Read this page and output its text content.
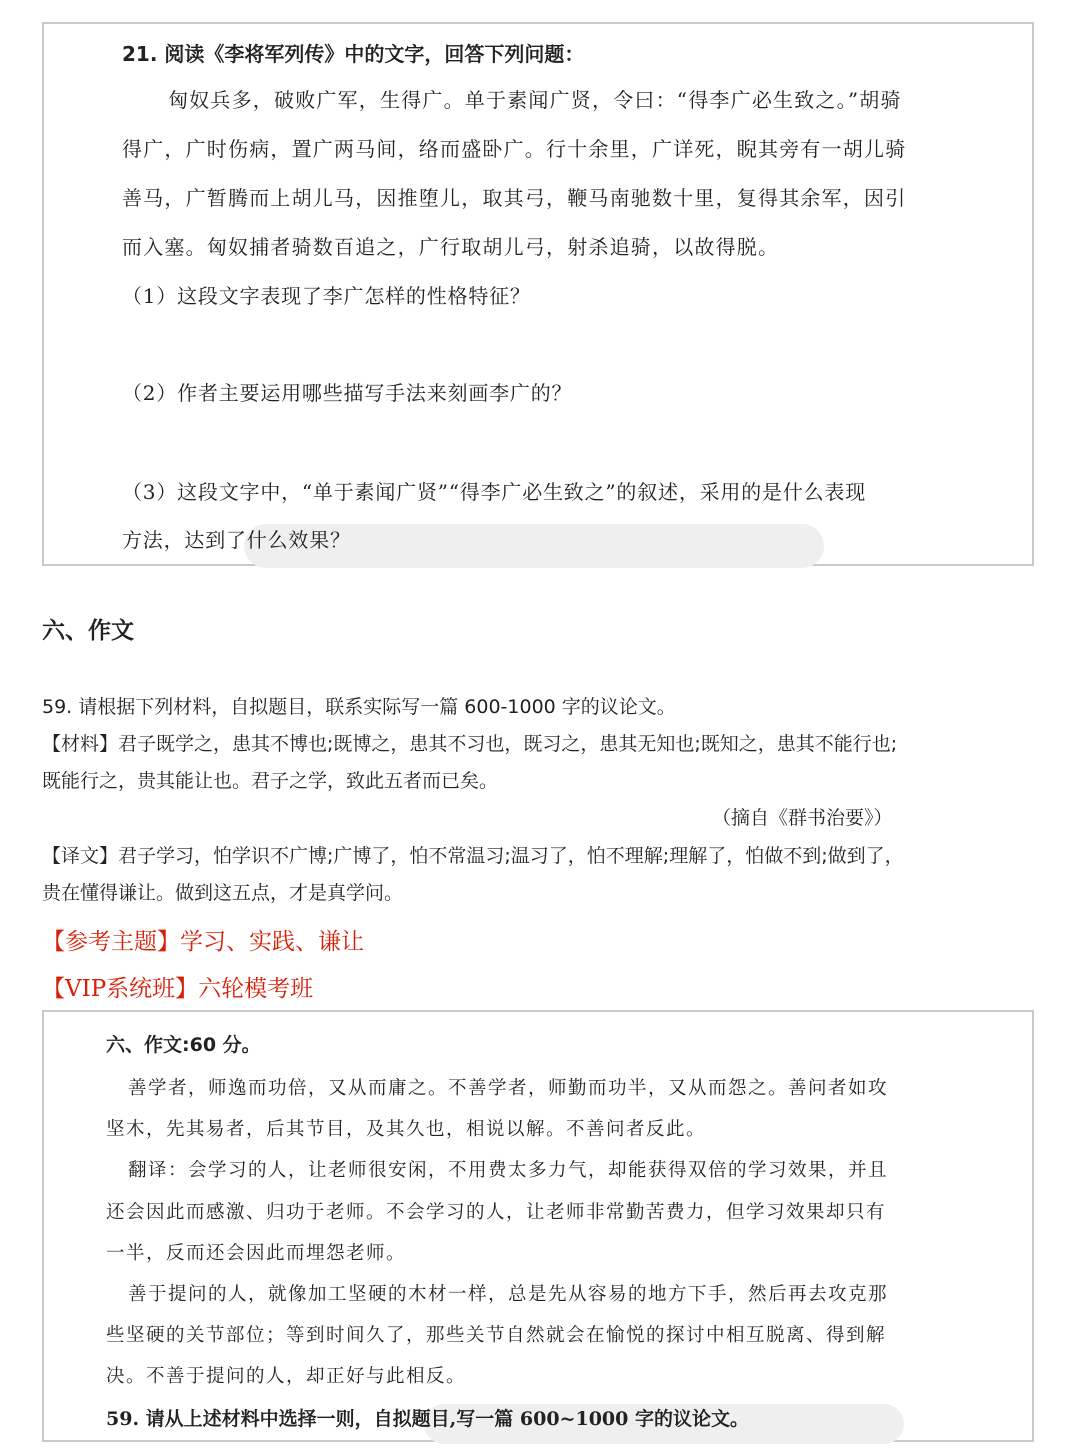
21. 阅读《李将军列传》中的文字，回答下列问题：
匈奴兵多，破败广军，生得广。单于素闻广贤，令曰：“得李广必生致之。”胡骑
得广，广时伤病，置广两马间，络而盛卧广。行十余里，广详死，睨其旁有一胡儿骑
善马，广暂腾而上胡儿马，因推堕儿，取其弓，鞭马南驰数十里，复得其余军，因引
而入塞。匈奴捕者骑数百追之，广行取胡儿弓，射杀追骑，以故得脱。
（1）这段文字表现了李广怎样的性格特征？
（2）作者主要运用哪些描写手法来刻画李广的？
（3）这段文字中，“单于素闻广贤”“得李广必生致之”的叙述，采用的是什么表现
方法，达到了什么效果？
六、作文
59. 请根据下列材料，自拟题目，联系实际写一篇 600-1000 字的议论文。
【材料】君子既学之，患其不博也;既博之，患其不习也，既习之，患其无知也;既知之，患其不能行也;
既能行之，贵其能让也。君子之学，致此五者而已矣。
（摘自《群书治要》）
【译文】君子学习，怕学识不广博;广博了，怕不常温习;温习了，怕不理解;理解了，怕做不到;做到了，
贵在懂得谦让。做到这五点，才是真学问。
【参考主题】学习、实践、谦让
【VIP系统班】六轮模考班
六、作文:60 分。
善学者，师逸而功倍，又从而庸之。不善学者，师勤而功半，又从而怨之。善问者如攻
坚木，先其易者，后其节目，及其久也，相说以解。不善问者反此。
翻译：会学习的人，让老师很安闲，不用费太多力气，却能获得双倍的学习效果，并且
还会因此而感激、归功于老师。不会学习的人，让老师非常勤苦费力，但学习效果却只有
一半，反而还会因此而埋怨老师。
善于提问的人，就像加工坚硬的木材一样，总是先从容易的地方下手，然后再去攻克那
些坚硬的关节部位；等到时间久了，那些关节自然就会在愉悦的探讨中相互脱离、得到解
决。不善于提问的人，却正好与此相反。
59. 请从上述材料中选择一则，自拟题目,写一篇 600~1000 字的议论文。
